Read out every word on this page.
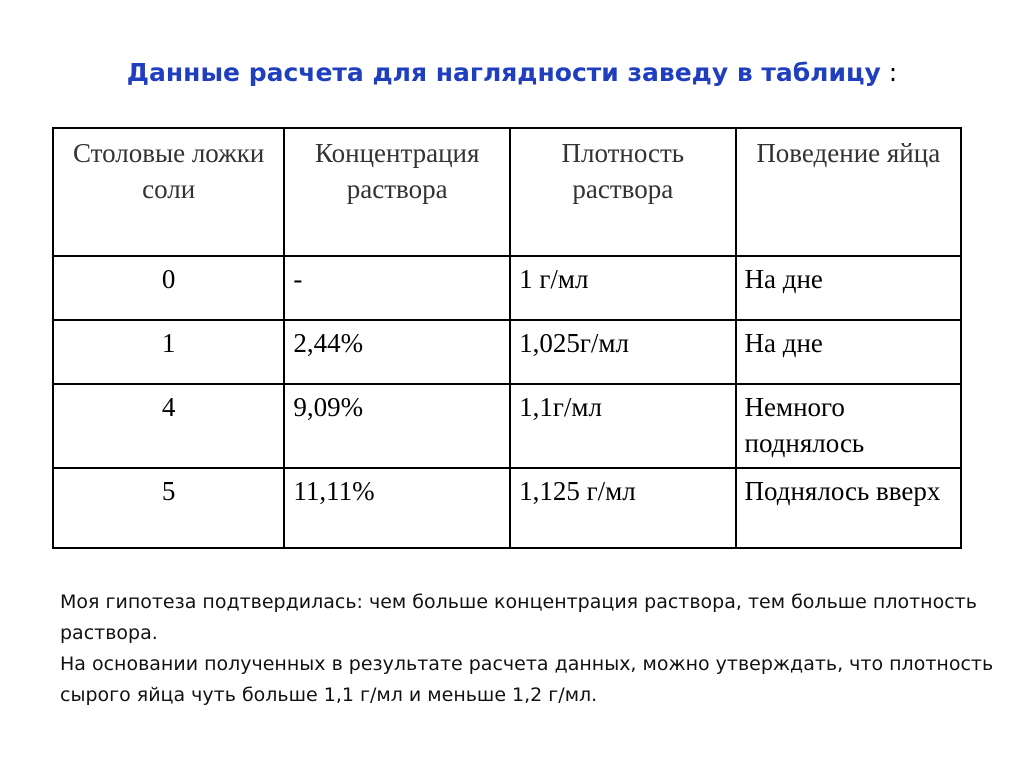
Данные расчета для наглядности заведу в таблицу :
Столовые ложки соли	Концентрация раствора	Плотность раствора	Поведение яйца
0	-	1 г/мл	На дне
1	2,44%	1,025г/мл	На дне
4	9,09%	1,1г/мл	Немного поднялось
5	11,11%	1,125 г/мл	Поднялось вверх

Моя гипотеза подтвердилась: чем больше концентрация раствора, тем больше плотность раствора.

На основании полученных в результате расчета данных, можно утверждать, что плотность сырого яйца чуть больше 1,1 г/мл и меньше 1,2 г/мл.
